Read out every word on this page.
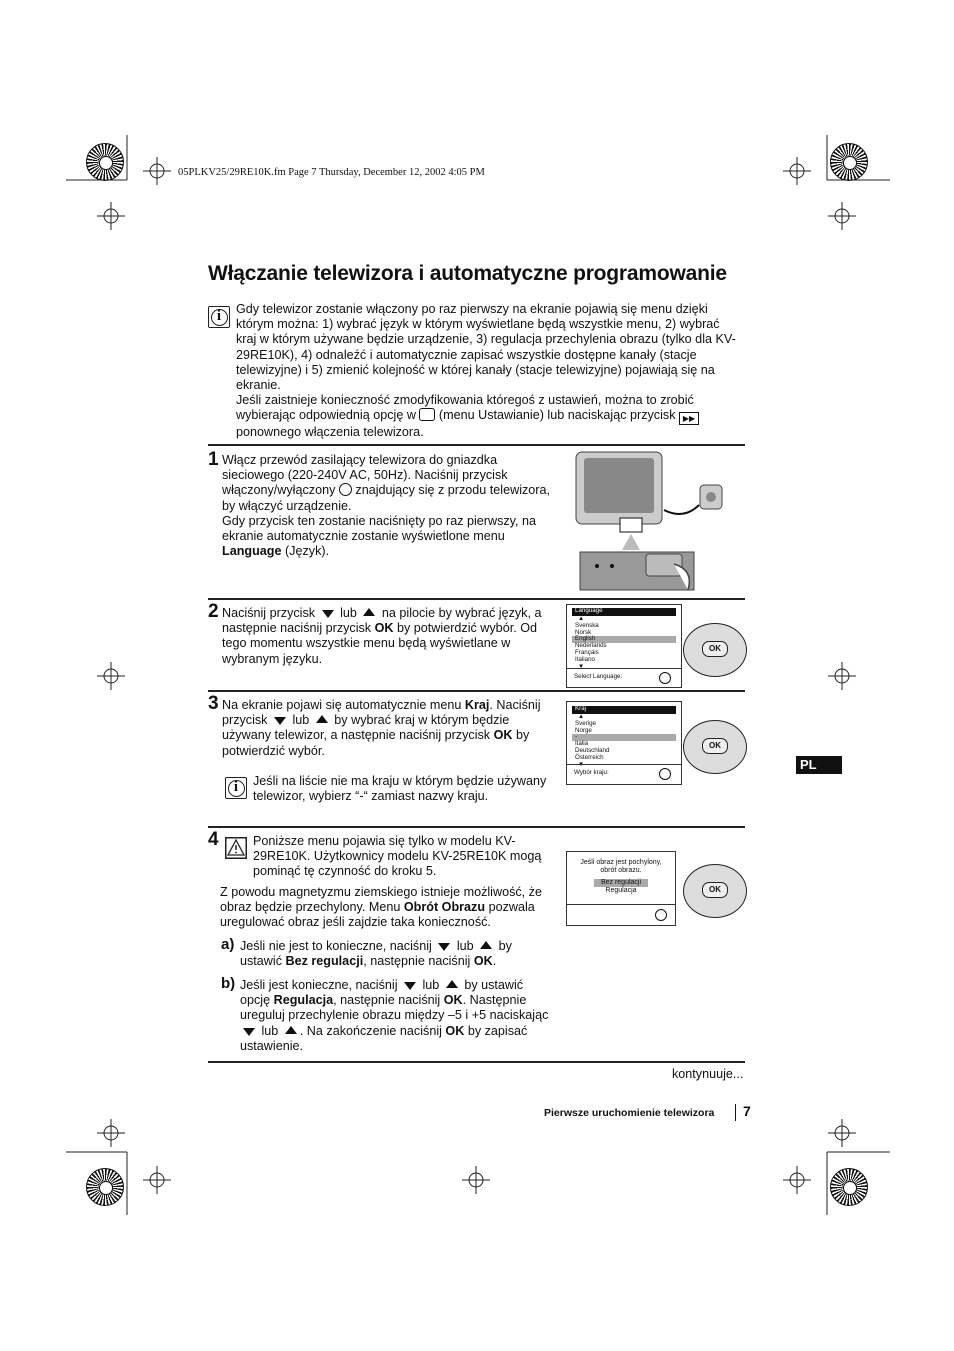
05PLKV25/29RE10K.fm Page 7 Thursday, December 12, 2002 4:05 PM
Włączanie telewizora i automatyczne programowanie
i	Gdy telewizor zostanie włączony po raz pierwszy na ekranie pojawią się menu dzięki którym można: 1) wybrać język w którym wyświetlane będą wszystkie menu, 2) wybrać kraj w którym używane będzie urządzenie, 3) regulacja przechylenia obrazu (tylko dla KV-29RE10K), 4) odnaleźć i automatycznie zapisać wszystkie dostępne kanały (stacje telewizyjne) i 5) zmienić kolejność w której kanały (stacje telewizyjne) pojawiają się na ekranie.
Jeśli zaistnieje konieczność zmodyfikowania któregoś z ustawień, można to zrobić wybierając odpowiednią opcję w (menu Ustawianie) lub naciskając przycisk ▶▶
ponownego włączenia telewizora.
1 Włącz przewód zasilający telewizora do gniazdka sieciowego (220-240V AC, 50Hz). Naciśnij przycisk włączony/wyłączony znajdujący się z przodu telewizora, by włączyć urządzenie.
Gdy przycisk ten zostanie naciśnięty po raz pierwszy, na ekranie automatycznie zostanie wyświetlone menu Language (Język).
2 Naciśnij przycisk lub na pilocie by wybrać język, a następnie naciśnij przycisk OK by potwierdzić wybór. Od tego momentu wszystkie menu będą wyświetlane w wybranym języku.
Language
▲
Svenska
Norsk
English
Nederlands
Français
Italiano
▼
Select Language:
OK
3 Na ekranie pojawi się automatycznie menu Kraj. Naciśnij przycisk lub by wybrać kraj w którym będzie używany telewizor, a następnie naciśnij przycisk OK by potwierdzić wybór.
Kraj
▲
Sverige
Norge
-
Italia
Deutschland
Österreich
▼
Wybór kraju:
OK
i	Jeśli na liście nie ma kraju w którym będzie używany telewizor, wybierz “-“ zamiast nazwy kraju.
4	Poniższe menu pojawia się tylko w modelu KV-29RE10K. Użytkownicy modelu KV-25RE10K mogą pominąć tę czynność do kroku 5.
Z powodu magnetyzmu ziemskiego istnieje możliwość, że obraz będzie przechylony. Menu Obrót Obrazu pozwala uregulować obraz jeśli zajdzie taka konieczność.
a) Jeśli nie jest to konieczne, naciśnij lub by ustawić Bez regulacji, następnie naciśnij OK.
b) Jeśli jest konieczne, naciśnij lub by ustawić opcję Regulacja, następnie naciśnij OK. Następnie ureguluj przechylenie obrazu między –5 i +5 naciskając  lub . Na zakończenie naciśnij OK by zapisać ustawienie.
Jeśli obraz jest pochylony,
obrót obrazu.
Bez regulacji
Regulacja	OK
kontynuuje...
PL
Pierwsze uruchomienie telewizora 7
